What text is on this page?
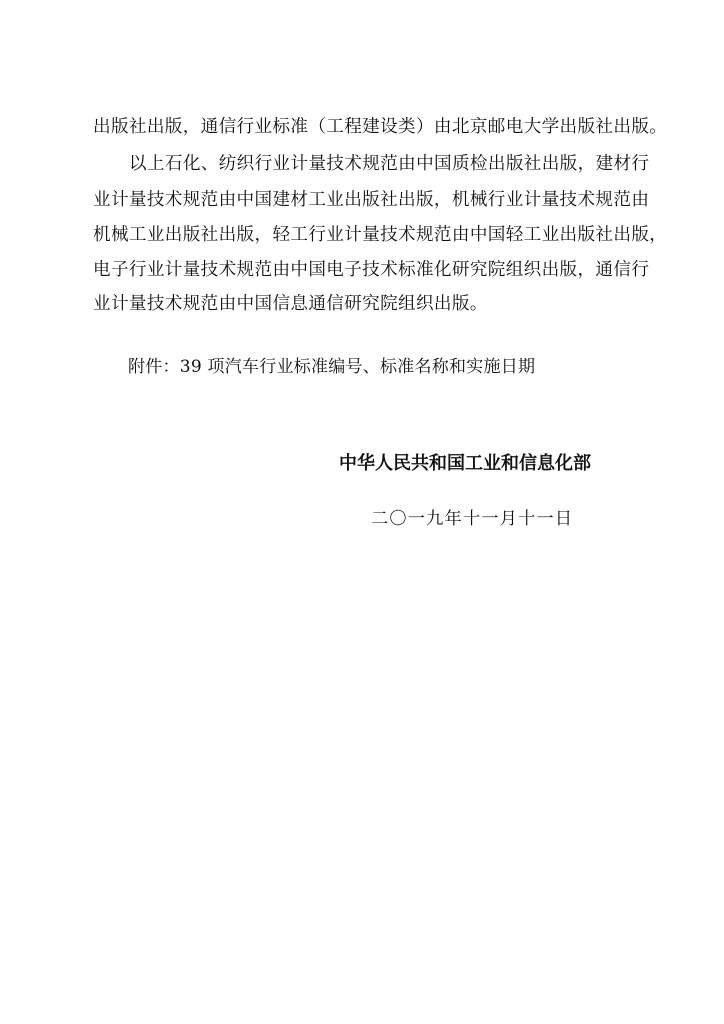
出版社出版，通信行业标准（工程建设类）由北京邮电大学出版社出版。
以上石化、纺织行业计量技术规范由中国质检出版社出版，建材行
业计量技术规范由中国建材工业出版社出版，机械行业计量技术规范由
机械工业出版社出版，轻工行业计量技术规范由中国轻工业出版社出版，
电子行业计量技术规范由中国电子技术标准化研究院组织出版，通信行
业计量技术规范由中国信息通信研究院组织出版。
附件：39 项汽车行业标准编号、标准名称和实施日期
中华人民共和国工业和信息化部
二〇一九年十一月十一日
